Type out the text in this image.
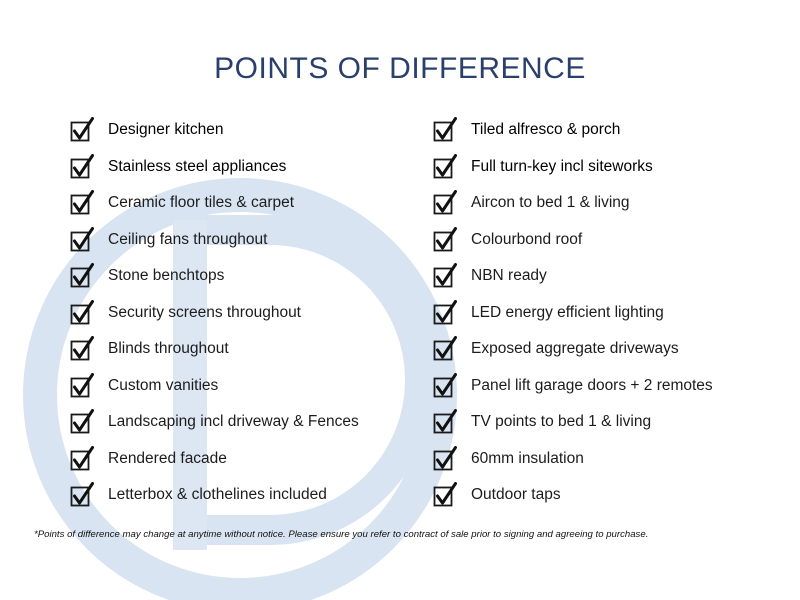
POINTS OF DIFFERENCE
Designer kitchen
Stainless steel appliances
Ceramic floor tiles & carpet
Ceiling fans throughout
Stone benchtops
Security screens throughout
Blinds throughout
Custom vanities
Landscaping incl driveway & Fences
Rendered facade
Letterbox & clothelines included
Tiled alfresco & porch
Full turn-key incl siteworks
Aircon to bed 1 & living
Colourbond roof
NBN ready
LED energy efficient lighting
Exposed aggregate driveways
Panel lift garage doors + 2 remotes
TV points to bed 1 & living
60mm insulation
Outdoor taps
*Points of difference may change at anytime without notice. Please ensure you refer to contract of sale prior to signing and agreeing to purchase.
